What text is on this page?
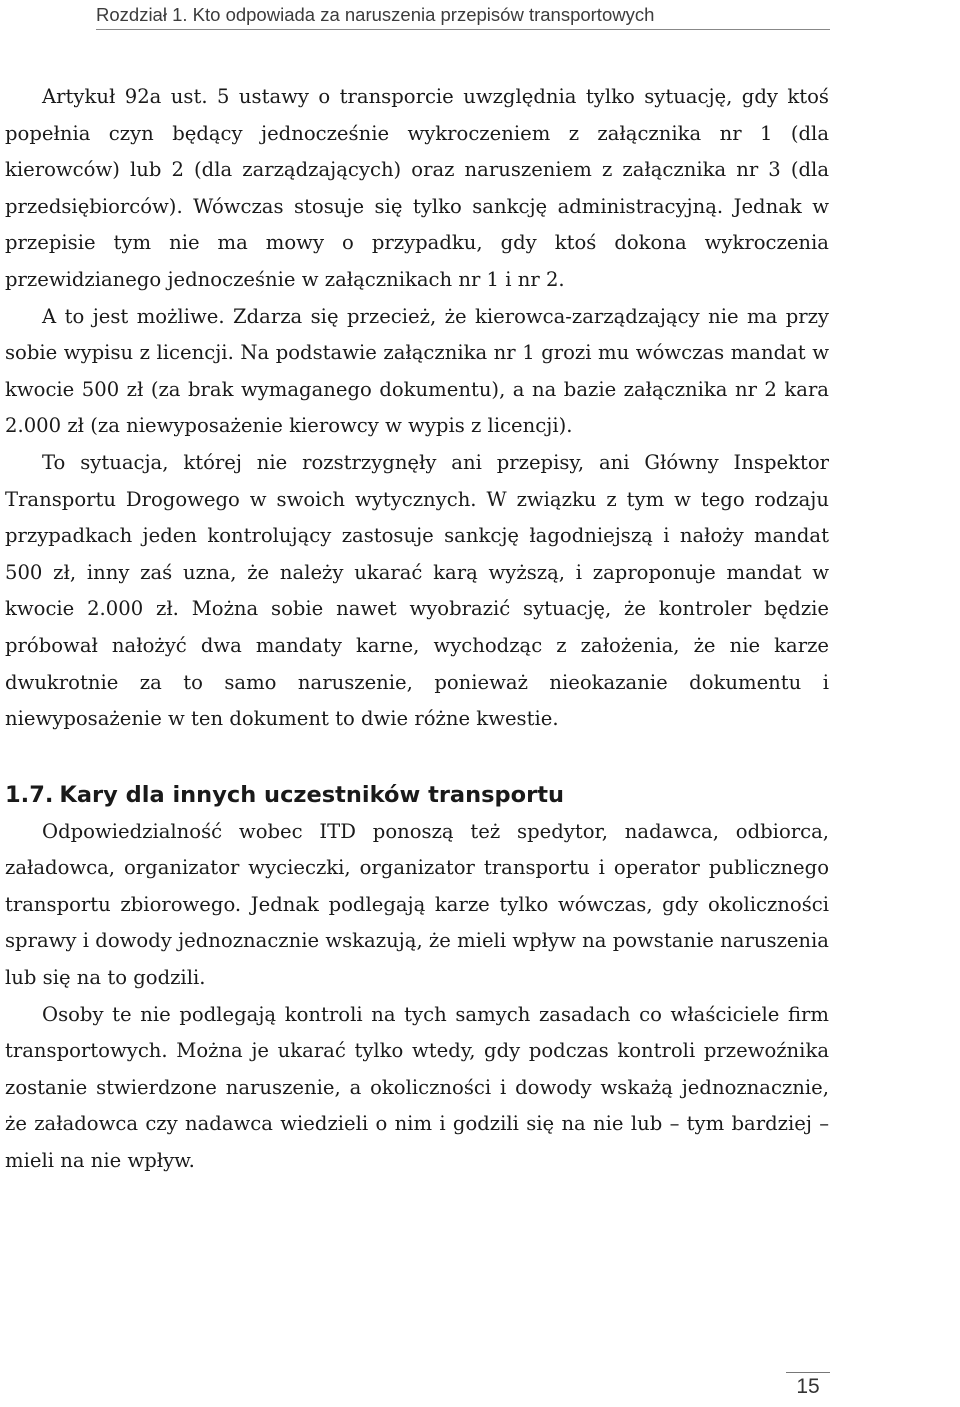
Rozdział 1. Kto odpowiada za naruszenia przepisów transportowych

Artykuł 92a ust. 5 ustawy o transporcie uwzględnia tylko sytuację, gdy ktoś popełnia czyn będący jednocześnie wykroczeniem z załącznika nr 1 (dla kierowców) lub 2 (dla zarządzających) oraz naruszeniem z załącznika nr 3 (dla przedsiębiorców). Wówczas stosuje się tylko sankcję administracyjną. Jednak w przepisie tym nie ma mowy o przypadku, gdy ktoś dokona wykroczenia przewidzianego jednocześnie w załącznikach nr 1 i nr 2.

A to jest możliwe. Zdarza się przecież, że kierowca-zarządzający nie ma przy sobie wypisu z licencji. Na podstawie załącznika nr 1 grozi mu wówczas mandat w kwocie 500 zł (za brak wymaganego dokumentu), a na bazie załącznika nr 2 kara 2.000 zł (za niewyposażenie kierowcy w wypis z licencji).

To sytuacja, której nie rozstrzygnęły ani przepisy, ani Główny Inspektor Transportu Drogowego w swoich wytycznych. W związku z tym w tego rodzaju przypadkach jeden kontrolujący zastosuje sankcję łagodniejszą i nałoży mandat 500 zł, inny zaś uzna, że należy ukarać karą wyższą, i zaproponuje mandat w kwocie 2.000 zł. Można sobie nawet wyobrazić sytuację, że kontroler będzie próbował nałożyć dwa mandaty karne, wychodząc z założenia, że nie karze dwukrotnie za to samo naruszenie, ponieważ nieokazanie dokumentu i niewyposażenie w ten dokument to dwie różne kwestie.

1.7. Kary dla innych uczestników transportu

Odpowiedzialność wobec ITD ponoszą też spedytor, nadawca, odbiorca, załadowca, organizator wycieczki, organizator transportu i operator publicznego transportu zbiorowego. Jednak podlegają karze tylko wówczas, gdy okoliczności sprawy i dowody jednoznacznie wskazują, że mieli wpływ na powstanie naruszenia lub się na to godzili.

Osoby te nie podlegają kontroli na tych samych zasadach co właściciele firm transportowych. Można je ukarać tylko wtedy, gdy podczas kontroli przewoźnika zostanie stwierdzone naruszenie, a okoliczności i dowody wskażą jednoznacznie, że załadowca czy nadawca wiedzieli o nim i godzili się na nie lub – tym bardziej – mieli na nie wpływ.

15
